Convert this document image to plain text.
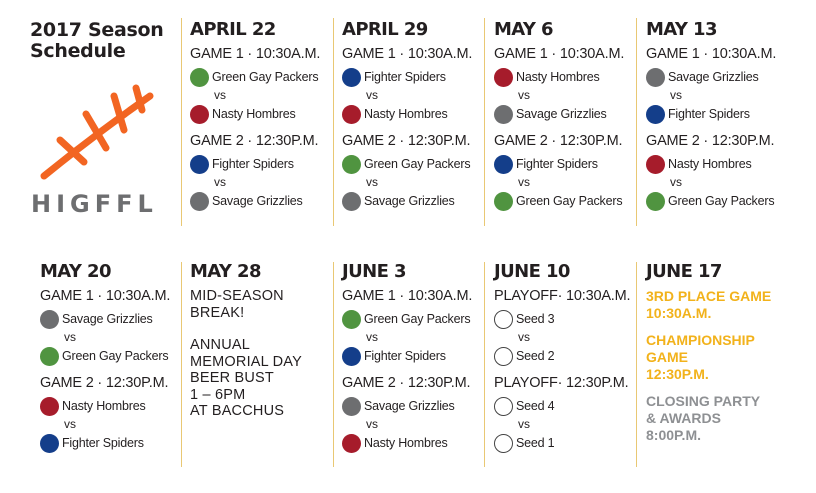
2017 Season
Schedule
HIGFFL
APRIL 22
GAME 1 · 10:30A.M.
Green Gay Packers
vs
Nasty Hombres
GAME 2 · 12:30P.M.
Fighter Spiders
vs
Savage Grizzlies
APRIL 29
GAME 1 · 10:30A.M.
Fighter Spiders
vs
Nasty Hombres
GAME 2 · 12:30P.M.
Green Gay Packers
vs
Savage Grizzlies
MAY 6
GAME 1 · 10:30A.M.
Nasty Hombres
vs
Savage Grizzlies
GAME 2 · 12:30P.M.
Fighter Spiders
vs
Green Gay Packers
MAY 13
GAME 1 · 10:30A.M.
Savage Grizzlies
vs
Fighter Spiders
GAME 2 · 12:30P.M.
Nasty Hombres
vs
Green Gay Packers
MAY 20
GAME 1 · 10:30A.M.
Savage Grizzlies
vs
Green Gay Packers
GAME 2 · 12:30P.M.
Nasty Hombres
vs
Fighter Spiders
MAY 28
MID-SEASON
BREAK!
ANNUAL
MEMORIAL DAY
BEER BUST
1 – 6PM
AT BACCHUS
JUNE 3
GAME 1 · 10:30A.M.
Green Gay Packers
vs
Fighter Spiders
GAME 2 · 12:30P.M.
Savage Grizzlies
vs
Nasty Hombres
JUNE 10
PLAYOFF· 10:30A.M.
Seed 3
vs
Seed 2
PLAYOFF· 12:30P.M.
Seed 4
vs
Seed 1
JUNE 17
3RD PLACE GAME
10:30A.M.
CHAMPIONSHIP
GAME
12:30P.M.
CLOSING PARTY
& AWARDS
8:00P.M.
